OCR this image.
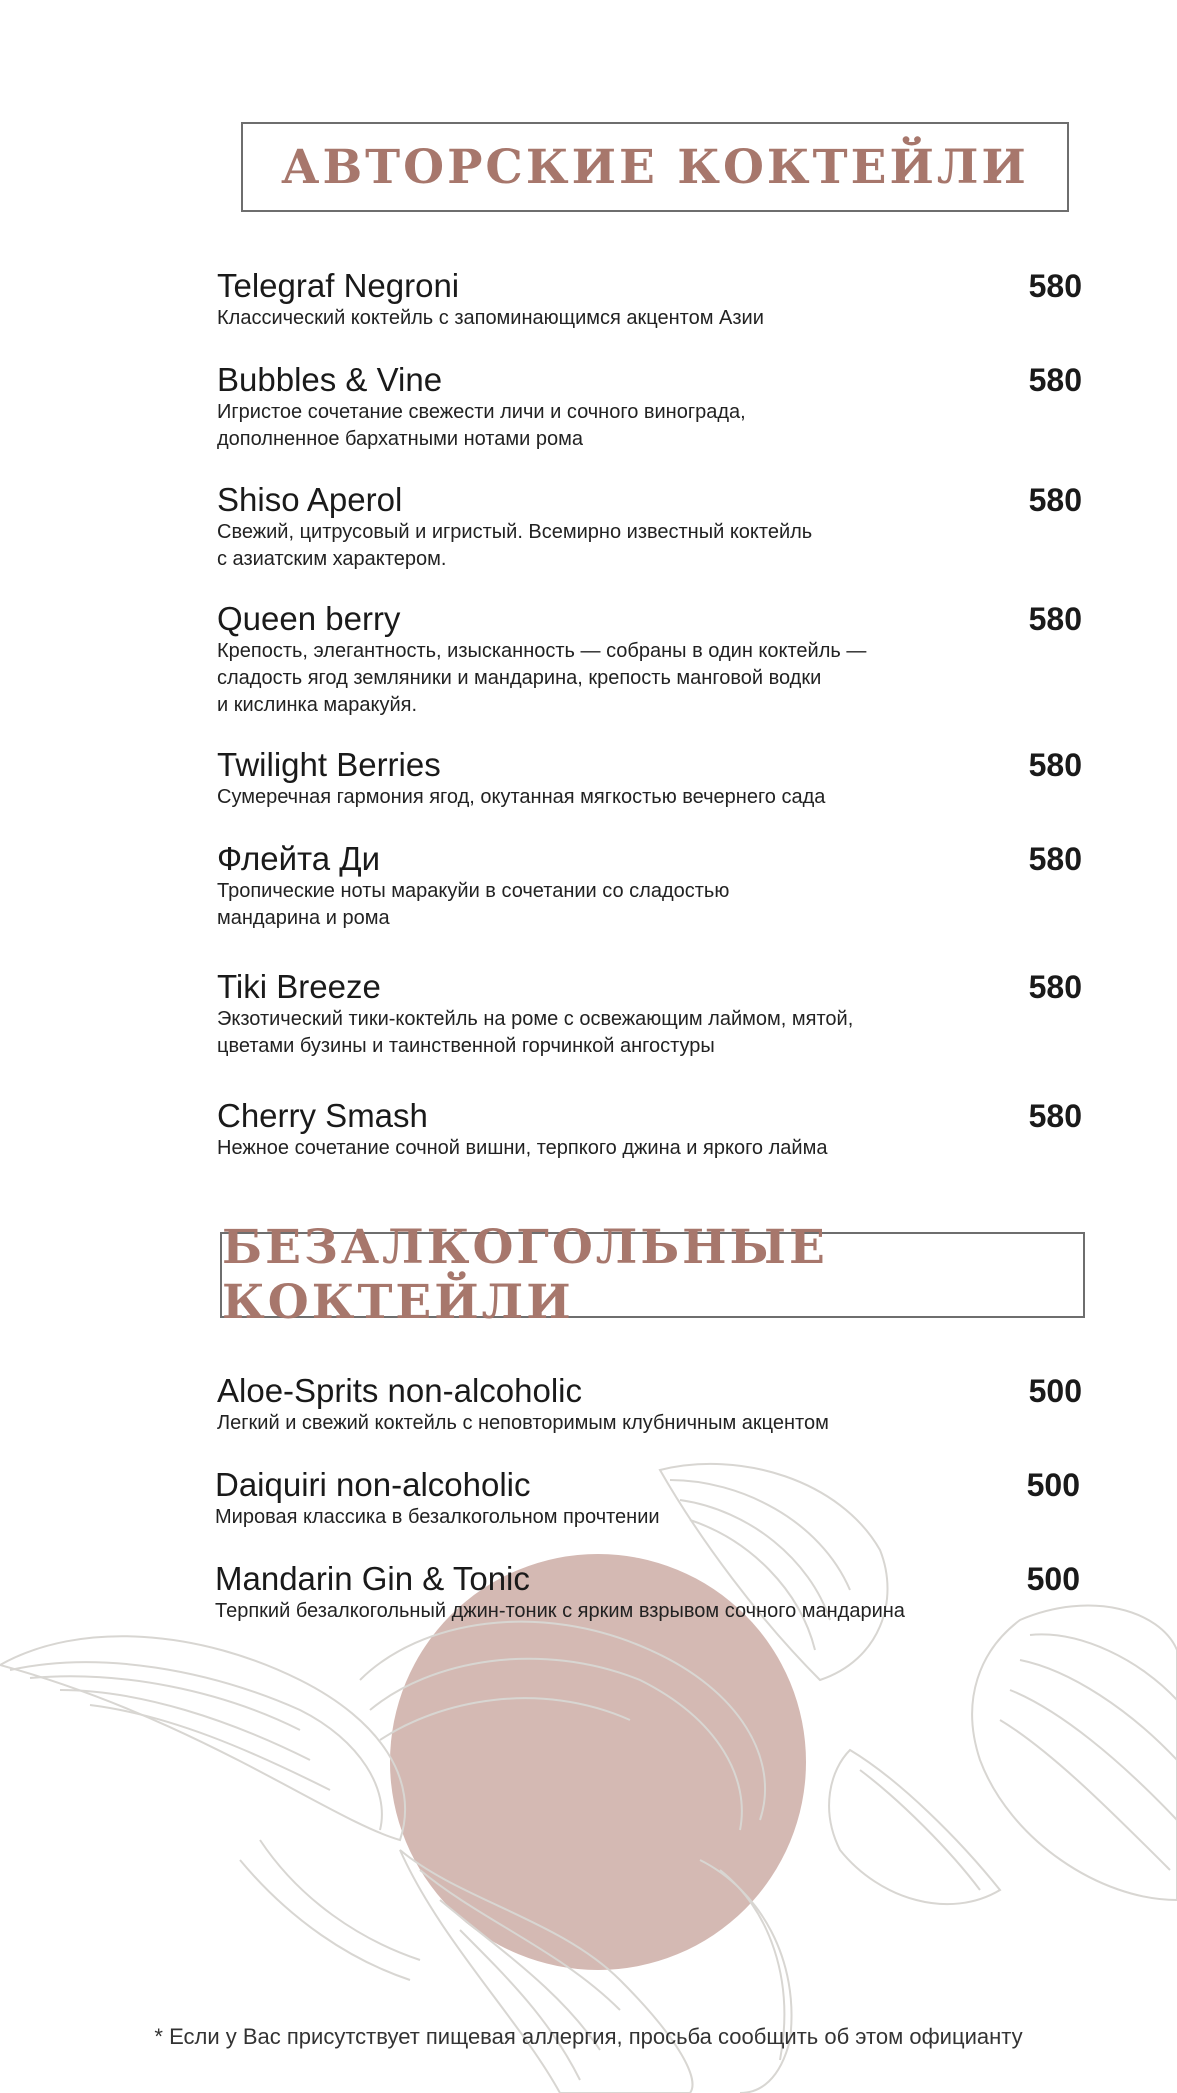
АВТОРСКИЕ КОКТЕЙЛИ
Telegraf Negroni	580
Классический коктейль с запоминающимся акцентом Азии
Bubbles & Vine	580
Игристое сочетание свежести личи и сочного винограда,
дополненное бархатными нотами рома
Shiso Aperol	580
Свежий, цитрусовый и игристый. Всемирно известный коктейль
с азиатским характером.
Queen berry	580
Крепость, элегантность, изысканность — собраны в один коктейль —
сладость ягод земляники и мандарина, крепость манговой водки
и кислинка маракуйя.
Twilight Berries	580
Сумеречная гармония ягод, окутанная мягкостью вечернего сада
Флейта Ди	580
Тропические ноты маракуйи в сочетании со сладостью
мандарина и рома
Tiki Breeze	580
Экзотический тики-коктейль на роме с освежающим лаймом, мятой,
цветами бузины и таинственной горчинкой ангостуры
Cherry Smash	580
Нежное сочетание сочной вишни, терпкого джина и яркого лайма
БЕЗАЛКОГОЛЬНЫЕ КОКТЕЙЛИ
Aloe-Sprits non-alcoholic	500
Легкий и свежий коктейль с неповторимым клубничным акцентом
Daiquiri non-alcoholic	500
Мировая классика в безалкогольном прочтении
Mandarin Gin & Tonic	500
Терпкий безалкогольный джин-тоник с ярким взрывом сочного мандарина
* Если у Вас присутствует пищевая аллергия, просьба сообщить об этом официанту
